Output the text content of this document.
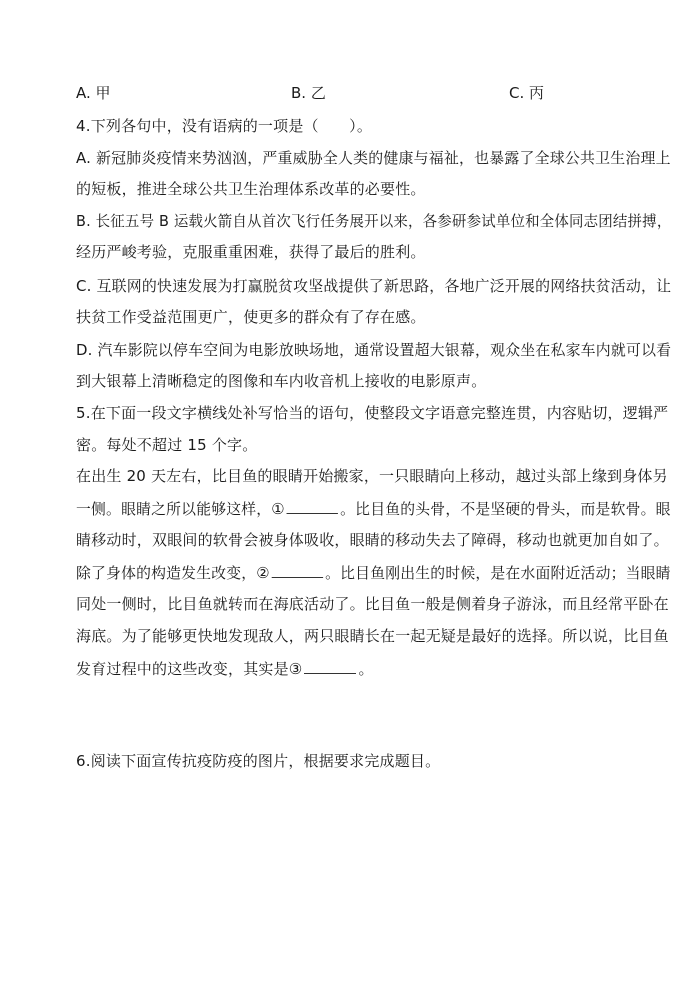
A. 甲	B. 乙	C. 丙
4.下列各句中，没有语病的一项是（　　）。
A. 新冠肺炎疫情来势汹汹，严重威胁全人类的健康与福祉，也暴露了全球公共卫生治理上
的短板，推进全球公共卫生治理体系改革的必要性。
B. 长征五号 B 运载火箭自从首次飞行任务展开以来，各参研参试单位和全体同志团结拼搏，
经历严峻考验，克服重重困难，获得了最后的胜利。
C. 互联网的快速发展为打赢脱贫攻坚战提供了新思路，各地广泛开展的网络扶贫活动，让
扶贫工作受益范围更广，使更多的群众有了存在感。
D. 汽车影院以停车空间为电影放映场地，通常设置超大银幕，观众坐在私家车内就可以看
到大银幕上清晰稳定的图像和车内收音机上接收的电影原声。
5.在下面一段文字横线处补写恰当的语句，使整段文字语意完整连贯，内容贴切，逻辑严
密。每处不超过 15 个字。
在出生 20 天左右，比目鱼的眼睛开始搬家，一只眼睛向上移动，越过头部上缘到身体另
一侧。眼睛之所以能够这样，①	。比目鱼的头骨，不是坚硬的骨头，而是软骨。眼
睛移动时，双眼间的软骨会被身体吸收，眼睛的移动失去了障碍，移动也就更加自如了。
除了身体的构造发生改变，②	。比目鱼刚出生的时候，是在水面附近活动；当眼睛
同处一侧时，比目鱼就转而在海底活动了。比目鱼一般是侧着身子游泳，而且经常平卧在
海底。为了能够更快地发现敌人，两只眼睛长在一起无疑是最好的选择。所以说，比目鱼
发育过程中的这些改变，其实是③	。
6.阅读下面宣传抗疫防疫的图片，根据要求完成题目。
